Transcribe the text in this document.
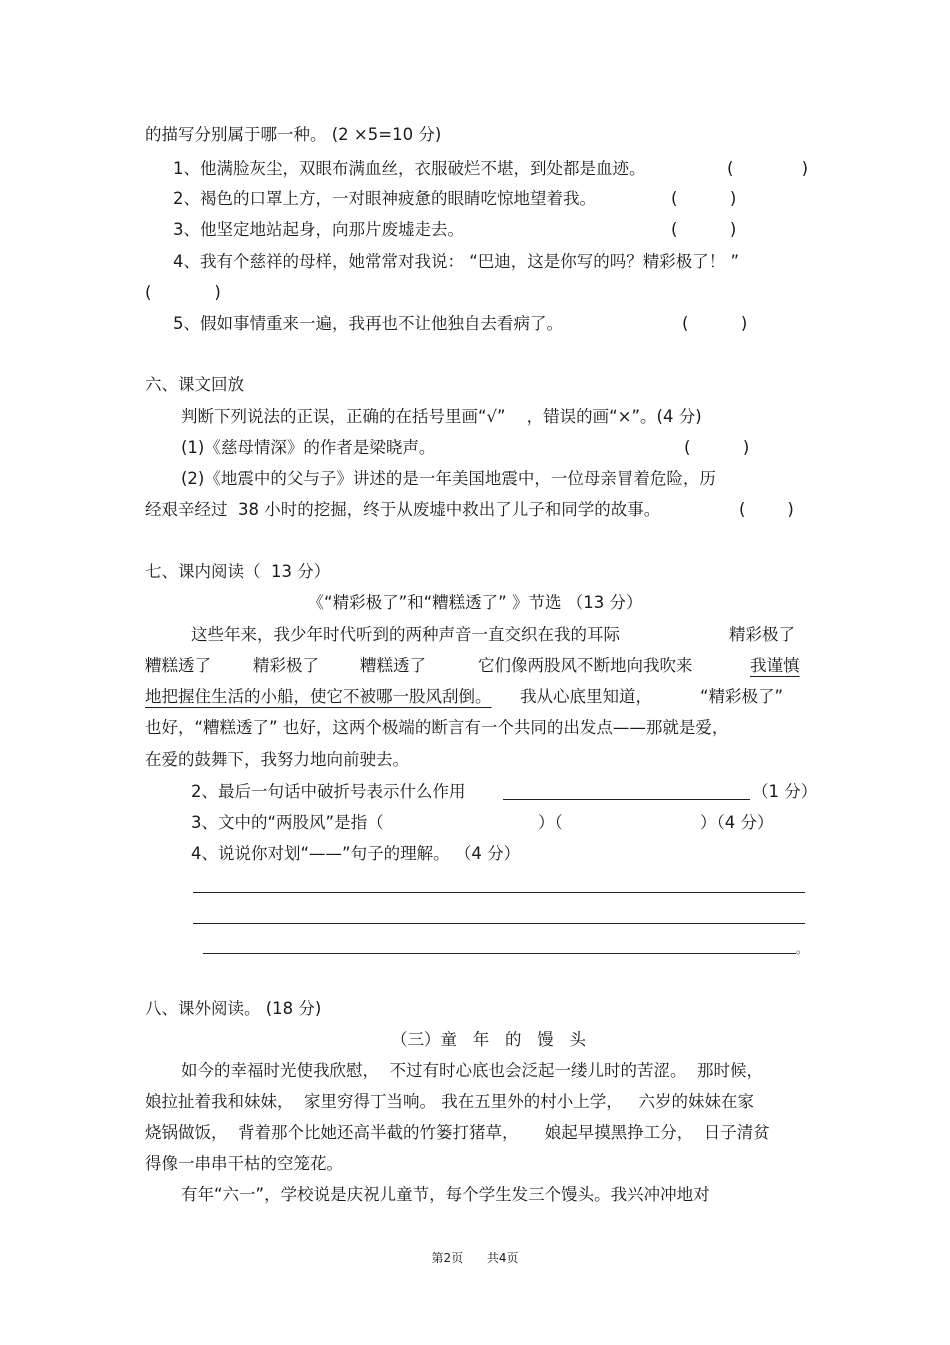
的描写分别属于哪一种。 (2 ×5=10 分)
1、他满脸灰尘，双眼布满血丝，衣服破烂不堪，到处都是血迹。	(             )
2、褐色的口罩上方，一对眼神疲惫的眼睛吃惊地望着我。	(          )
3、他坚定地站起身，向那片废墟走去。	(          )
4、我有个慈祥的母样，她常常对我说： “巴迪，这是你写的吗？精彩极了！ ”
(            )
5、假如事情重来一遍，我再也不让他独自去看病了。	(          )
六、课文回放
判断下列说法的正误，正确的在括号里画“√”    ，错误的画“×”。(4 分)
(1)《慈母情深》的作者是梁晓声。	(          )
(2)《地震中的父与子》讲述的是一年美国地震中，一位母亲冒着危险，历
经艰辛经过  38 小时的挖掘，终于从废墟中救出了儿子和同学的故事。	(        )
七、课内阅读（  13 分）
《“精彩极了”和“糟糕透了” 》节选 （13 分）
这些年来，我少年时代听到的两种声音一直交织在我的耳际	精彩极了
糟糕透了	精彩极了 糟糕透了	它们像两股风不断地向我吹来	我谨慎
地把握住生活的小船，使它不被哪一股风刮倒。 我从心底里知道，	“精彩极了”
也好，“糟糕透了” 也好，这两个极端的断言有一个共同的出发点——那就是爱，
在爱的鼓舞下，我努力地向前驶去。
2、最后一句话中破折号表示什么作用	（1 分）
3、文中的“两股风”是指（	）（	）（4 分）
4、说说你对划“——”句子的理解。 （4 分）
。
八、课外阅读。 (18 分)
（三）童   年   的   馒   头
如今的幸福时光使我欣慰，  不过有时心底也会泛起一缕儿时的苦涩。  那时候，
娘拉扯着我和妹妹，  家里穷得丁当响。 我在五里外的村小上学，   六岁的妹妹在家
烧锅做饭，  背着那个比她还高半截的竹篓打猪草，     娘起早摸黑挣工分，  日子清贫
得像一串串干枯的空笼花。
有年“六一”，学校说是庆祝儿童节，每个学生发三个馒头。我兴冲冲地对
第2页 共4页
